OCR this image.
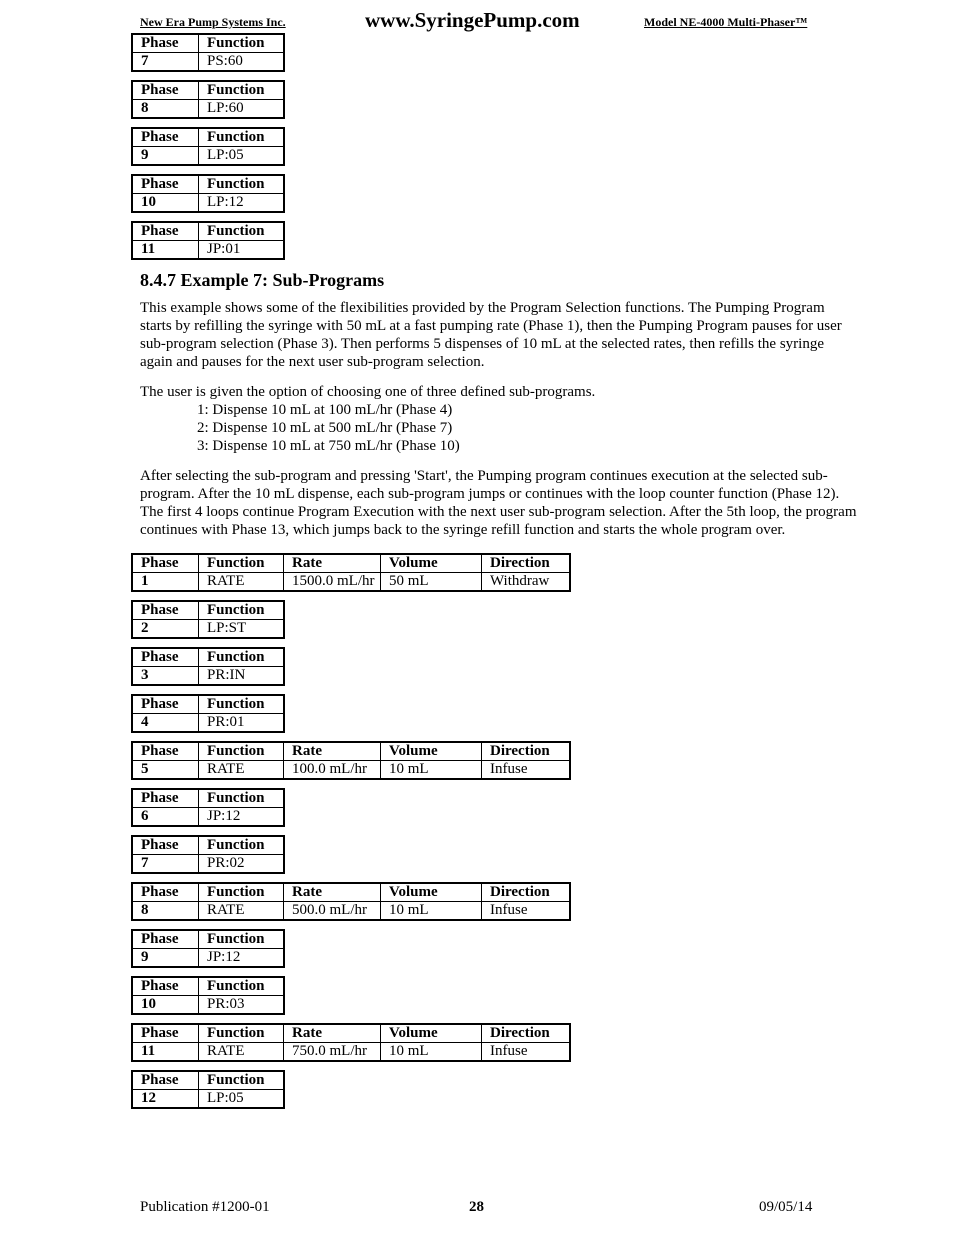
New Era Pump Systems Inc.	www.SyringePump.com	Model NE-4000 Multi-Phaser™
Phase	Function
7	PS:60
Phase	Function
8	LP:60
Phase	Function
9	LP:05
Phase	Function
10	LP:12
Phase	Function
11	JP:01
8.4.7 Example 7: Sub-Programs

This example shows some of the flexibilities provided by the Program Selection functions. The Pumping Program starts by refilling the syringe with 50 mL at a fast pumping rate (Phase 1), then the Pumping Program pauses for user sub-program selection (Phase 3). Then performs 5 dispenses of 10 mL at the selected rates, then refills the syringe again and pauses for the next user sub-program selection.

The user is given the option of choosing one of three defined sub-programs.
1: Dispense 10 mL at 100 mL/hr (Phase 4)
2: Dispense 10 mL at 500 mL/hr (Phase 7)
3: Dispense 10 mL at 750 mL/hr (Phase 10)

After selecting the sub-program and pressing 'Start', the Pumping program continues execution at the selected sub-program. After the 10 mL dispense, each sub-program jumps or continues with the loop counter function (Phase 12). The first 4 loops continue Program Execution with the next user sub-program selection. After the 5th loop, the program continues with Phase 13, which jumps back to the syringe refill function and starts the whole program over.

Phase	Function	Rate	Volume	Direction
1	RATE	1500.0 mL/hr	50 mL	Withdraw
Phase	Function
2	LP:ST
Phase	Function
3	PR:IN
Phase	Function
4	PR:01
Phase	Function	Rate	Volume	Direction
5	RATE	100.0 mL/hr	10 mL	Infuse
Phase	Function
6	JP:12
Phase	Function
7	PR:02
Phase	Function	Rate	Volume	Direction
8	RATE	500.0 mL/hr	10 mL	Infuse
Phase	Function
9	JP:12
Phase	Function
10	PR:03
Phase	Function	Rate	Volume	Direction
11	RATE	750.0 mL/hr	10 mL	Infuse
Phase	Function
12	LP:05
Publication #1200-01	28	09/05/14
